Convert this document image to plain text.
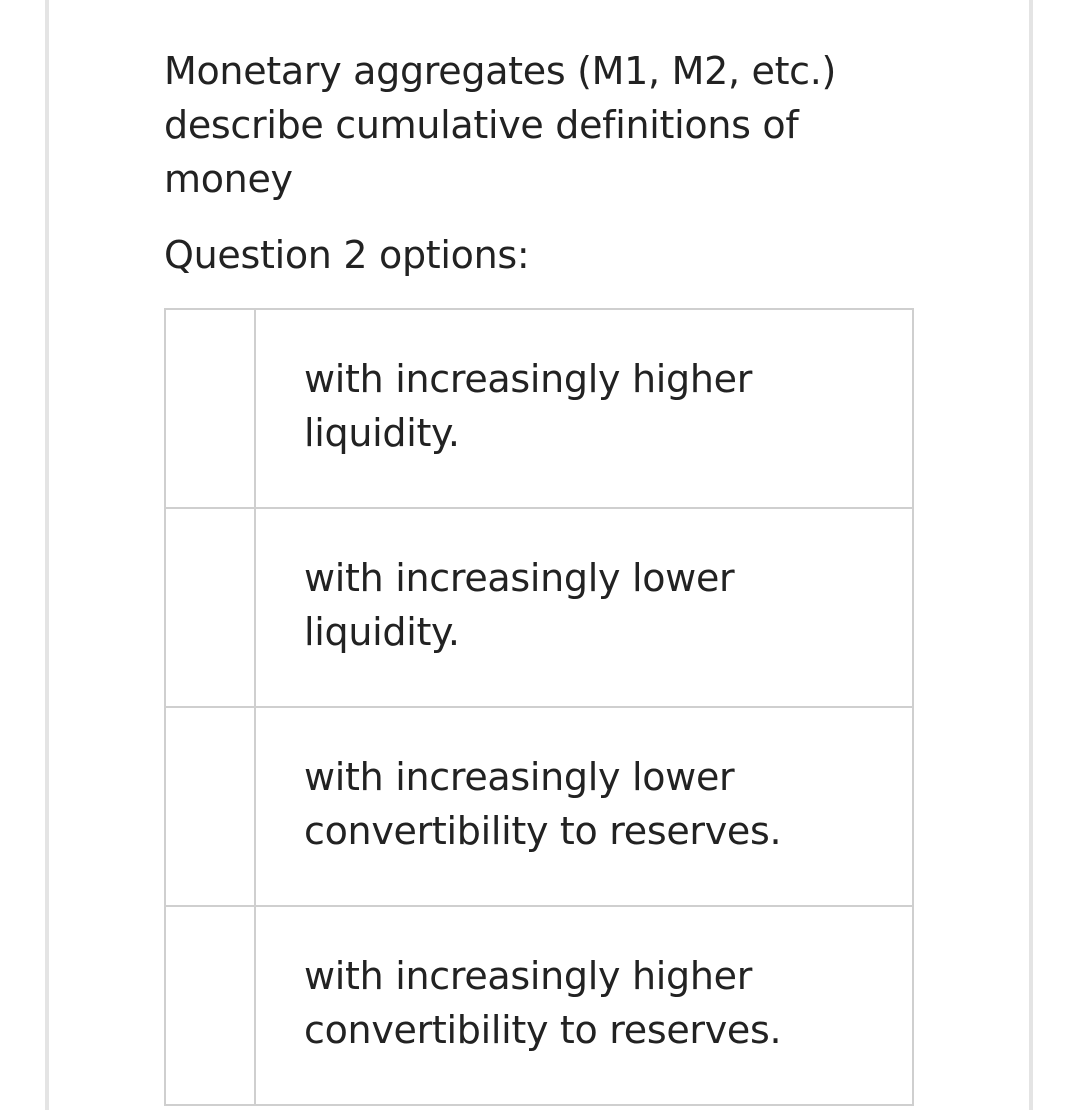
Monetary aggregates (M1, M2, etc.) describe cumulative definitions of money

Question 2 options:

with increasingly higher liquidity.
with increasingly lower liquidity.
with increasingly lower convertibility to reserves.
with increasingly higher convertibility to reserves.
